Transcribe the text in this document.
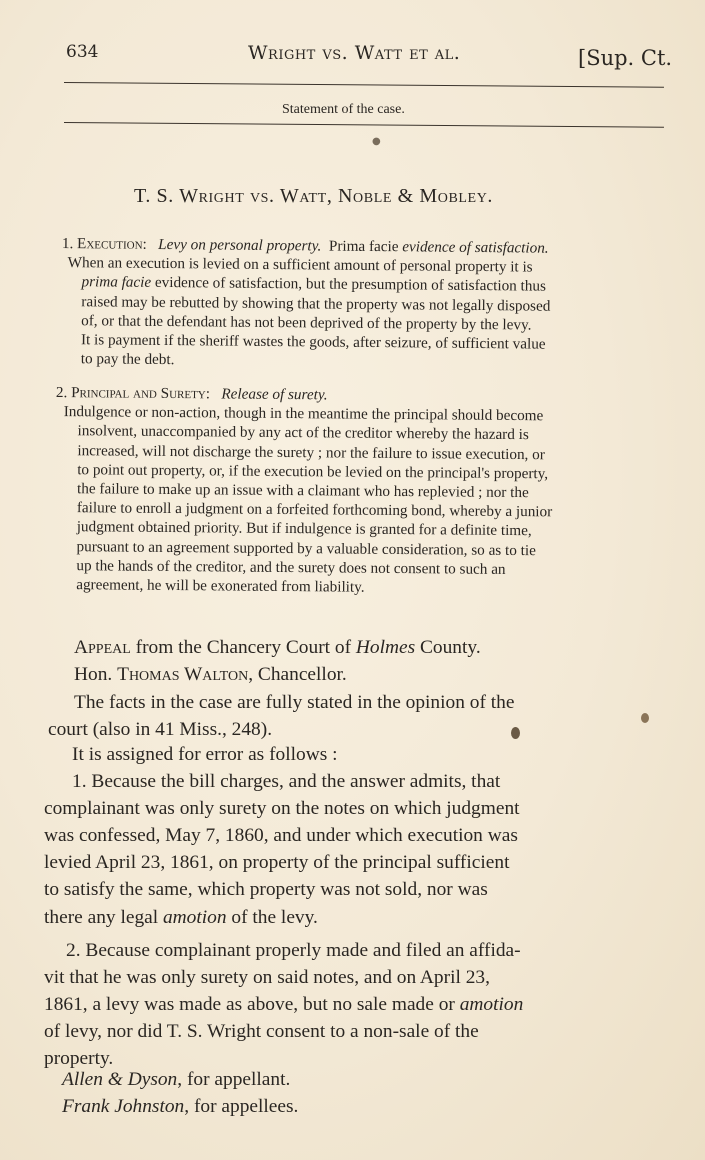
634	Wright vs. Watt et al.	[Sup. Ct.
Statement of the case.
●
T. S. Wright vs. Watt, Noble & Mobley.
1. Execution:   Levy on personal property. Prima facie evidence of satisfaction.
When an execution is levied on a sufficient amount of personal property it is
prima facie evidence of satisfaction, but the presumption of satisfaction thus
raised may be rebutted by showing that the property was not legally disposed
of, or that the defendant has not been deprived of the property by the levy.
It is payment if the sheriff wastes the goods, after seizure, of sufficient value
to pay the debt.
2. Principal and Surety:   Release of surety.
Indulgence or non-action, though in the meantime the principal should become
insolvent, unaccompanied by any act of the creditor whereby the hazard is
increased, will not discharge the surety ; nor the failure to issue execution, or
to point out property, or, if the execution be levied on the principal's property,
the failure to make up an issue with a claimant who has replevied ; nor the
failure to enroll a judgment on a forfeited forthcoming bond, whereby a junior
judgment obtained priority. But if indulgence is granted for a definite time,
pursuant to an agreement supported by a valuable consideration, so as to tie
up the hands of the creditor, and the surety does not consent to such an
agreement, he will be exonerated from liability.
Appeal from the Chancery Court of Holmes County.
Hon. Thomas Walton, Chancellor.
The facts in the case are fully stated in the opinion of the
court (also in 41 Miss., 248).
It is assigned for error as follows :
1. Because the bill charges, and the answer admits, that
complainant was only surety on the notes on which judgment
was confessed, May 7, 1860, and under which execution was
levied April 23, 1861, on property of the principal sufficient
to satisfy the same, which property was not sold, nor was
there any legal amotion of the levy.
2. Because complainant properly made and filed an affida-
vit that he was only surety on said notes, and on April 23,
1861, a levy was made as above, but no sale made or amotion
of levy, nor did T. S. Wright consent to a non-sale of the
property.
Allen & Dyson, for appellant.
Frank Johnston, for appellees.
